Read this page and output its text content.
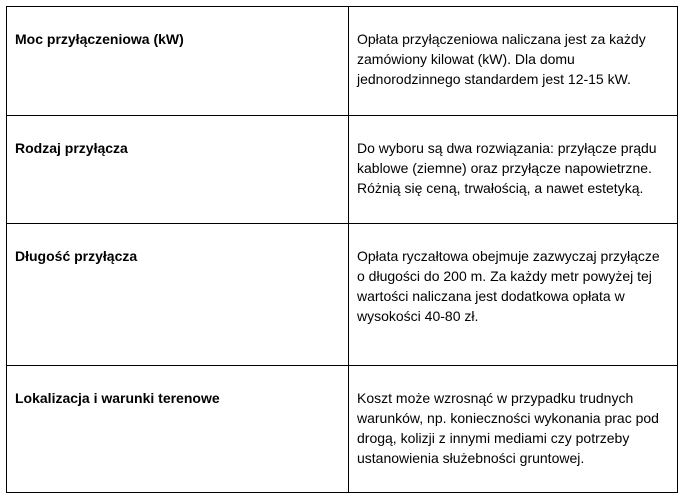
Moc przyłączeniowa (kW)	Opłata przyłączeniowa naliczana jest za każdy zamówiony kilowat (kW). Dla domu jednorodzinnego standardem jest 12-15 kW.
Rodzaj przyłącza	Do wyboru są dwa rozwiązania: przyłącze prądu kablowe (ziemne) oraz przyłącze napowietrzne. Różnią się ceną, trwałością, a nawet estetyką.
Długość przyłącza	Opłata ryczałtowa obejmuje zazwyczaj przyłącze o długości do 200 m. Za każdy metr powyżej tej wartości naliczana jest dodatkowa opłata w wysokości 40-80 zł.
Lokalizacja i warunki terenowe	Koszt może wzrosnąć w przypadku trudnych warunków, np. konieczności wykonania prac pod drogą, kolizji z innymi mediami czy potrzeby ustanowienia służebności gruntowej.
